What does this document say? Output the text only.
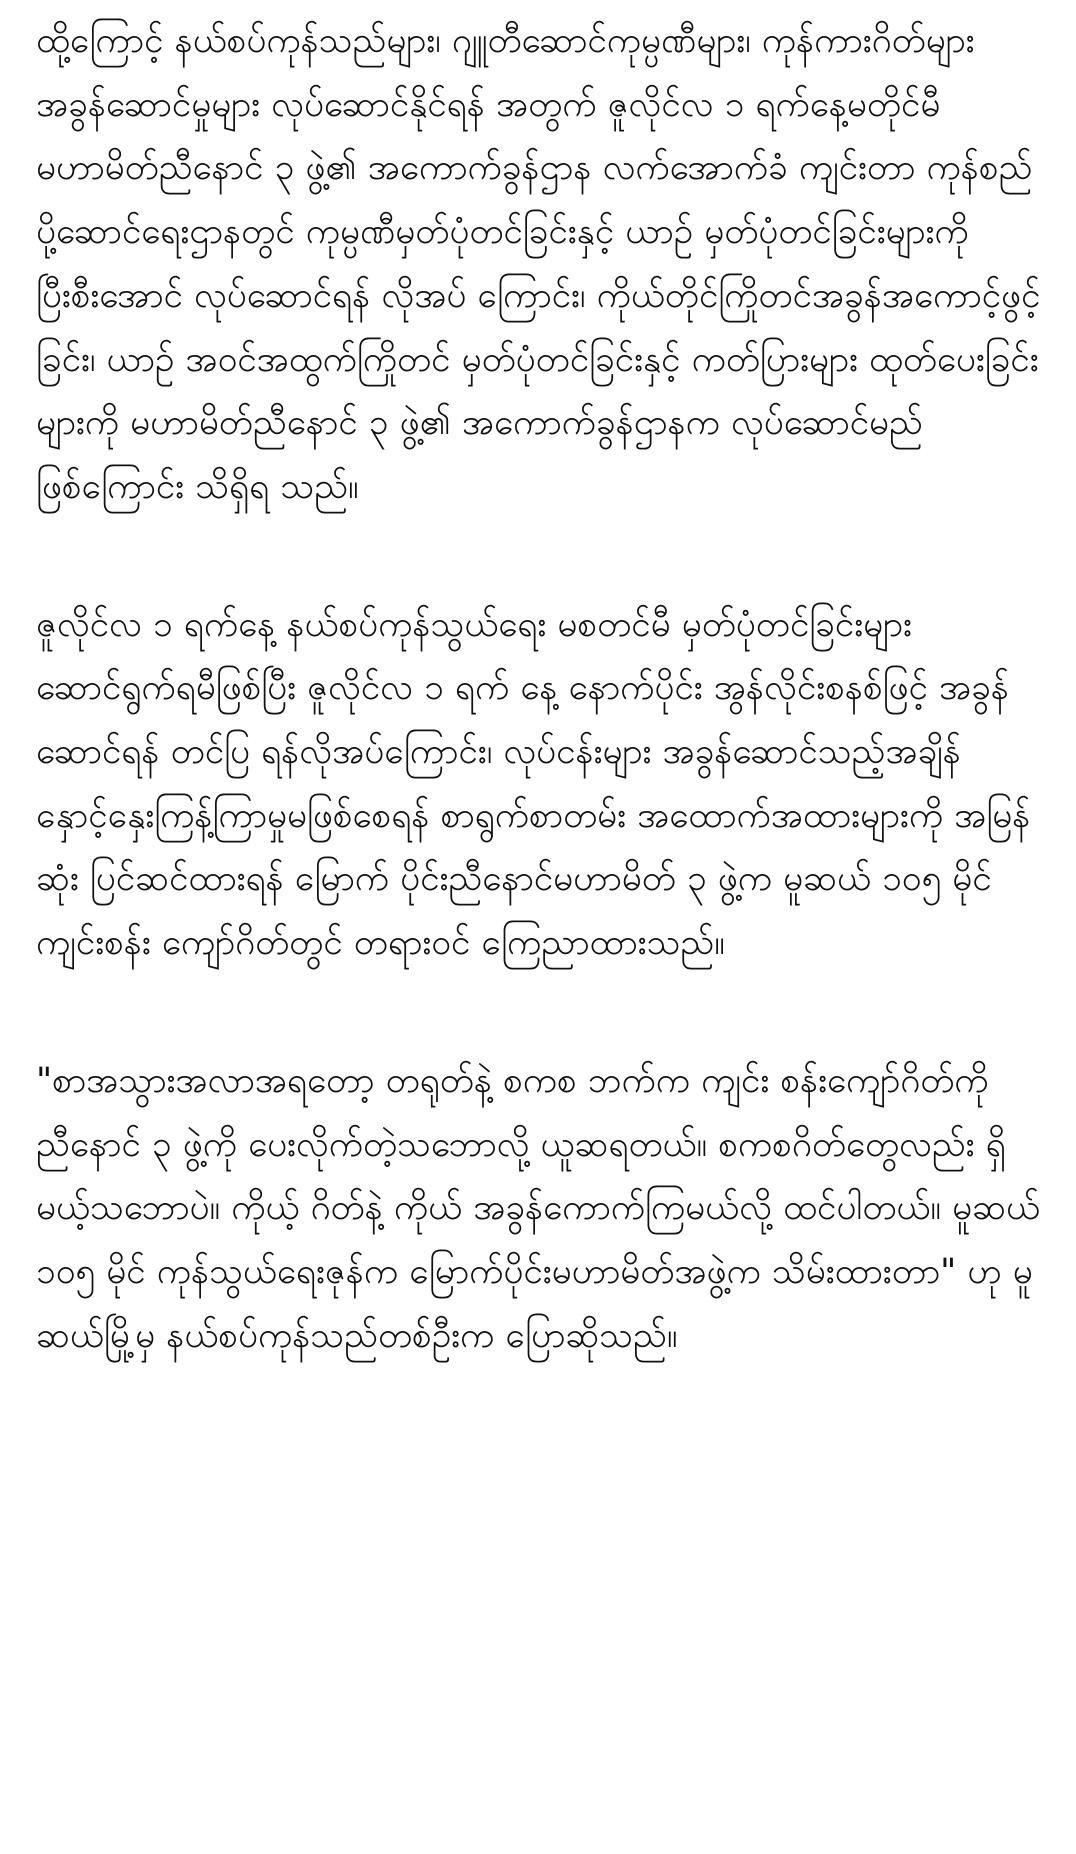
ထို့ကြောင့် နယ်စပ်ကုန်သည်များ၊ ဂျူတီဆောင်ကုမ္ပဏီများ၊ ကုန်ကားဂိတ်များ အခွန်ဆောင်မှုများ လုပ်ဆောင်နိုင်ရန် အတွက် ဇူလိုင်လ ၁ ရက်နေ့မတိုင်မီ မဟာမိတ်ညီနောင် ၃ ဖွဲ့၏ အကောက်ခွန်ဌာန လက်အောက်ခံ ကျင်းတာ ကုန်စည်ပို့ဆောင်ရေးဌာနတွင် ကုမ္ပဏီမှတ်ပုံတင်ခြင်းနှင့် ယာဉ် မှတ်ပုံတင်ခြင်းများကို ပြီးစီးအောင် လုပ်ဆောင်ရန် လိုအပ် ကြောင်း၊ ကိုယ်တိုင်ကြိုတင်အခွန်အကောင့်ဖွင့်ခြင်း၊ ယာဉ် အဝင်အထွက်ကြိုတင် မှတ်ပုံတင်ခြင်းနှင့် ကတ်ပြားများ ထုတ်ပေးခြင်းများကို မဟာမိတ်ညီနောင် ၃ ဖွဲ့၏ အကောက်ခွန်ဌာနက လုပ်ဆောင်မည်ဖြစ်ကြောင်း သိရှိရ သည်။

ဇူလိုင်လ ၁ ရက်နေ့ နယ်စပ်ကုန်သွယ်ရေး မစတင်မီ မှတ်ပုံတင်ခြင်းများ ဆောင်ရွက်ရမီဖြစ်ပြီး ဇူလိုင်လ ၁ ရက် နေ့ နောက်ပိုင်း အွန်လိုင်းစနစ်ဖြင့် အခွန်ဆောင်ရန် တင်ပြ ရန်လိုအပ်ကြောင်း၊ လုပ်ငန်းများ အခွန်ဆောင်သည့်အချိန် နှောင့်နှေးကြန့်ကြာမှုမဖြစ်စေရန် စာရွက်စာတမ်း အထောက်အထားများကို အမြန်ဆုံး ပြင်ဆင်ထားရန် မြောက် ပိုင်းညီနောင်မဟာမိတ် ၃ ဖွဲ့က မူဆယ် ၁၀၅ မိုင် ကျင်းစန်း ကျော်ဂိတ်တွင် တရားဝင် ကြေညာထားသည်။

"စာအသွားအလာအရတော့ တရုတ်နဲ့ စကစ ဘက်က ကျင်း စန်းကျော်ဂိတ်ကို ညီနောင် ၃ ဖွဲ့ကို ပေးလိုက်တဲ့သဘောလို့ ယူဆရတယ်။ စကစဂိတ်တွေလည်း ရှိမယ့်သဘောပဲ။ ကိုယ့် ဂိတ်နဲ့ ကိုယ် အခွန်ကောက်ကြမယ်လို့ ထင်ပါတယ်။ မူဆယ် ၁၀၅ မိုင် ကုန်သွယ်ရေးဇုန်က မြောက်ပိုင်းမဟာမိတ်အဖွဲ့က သိမ်းထားတာ" ဟု မူဆယ်မြို့မှ နယ်စပ်ကုန်သည်တစ်ဦးက ပြောဆိုသည်။
